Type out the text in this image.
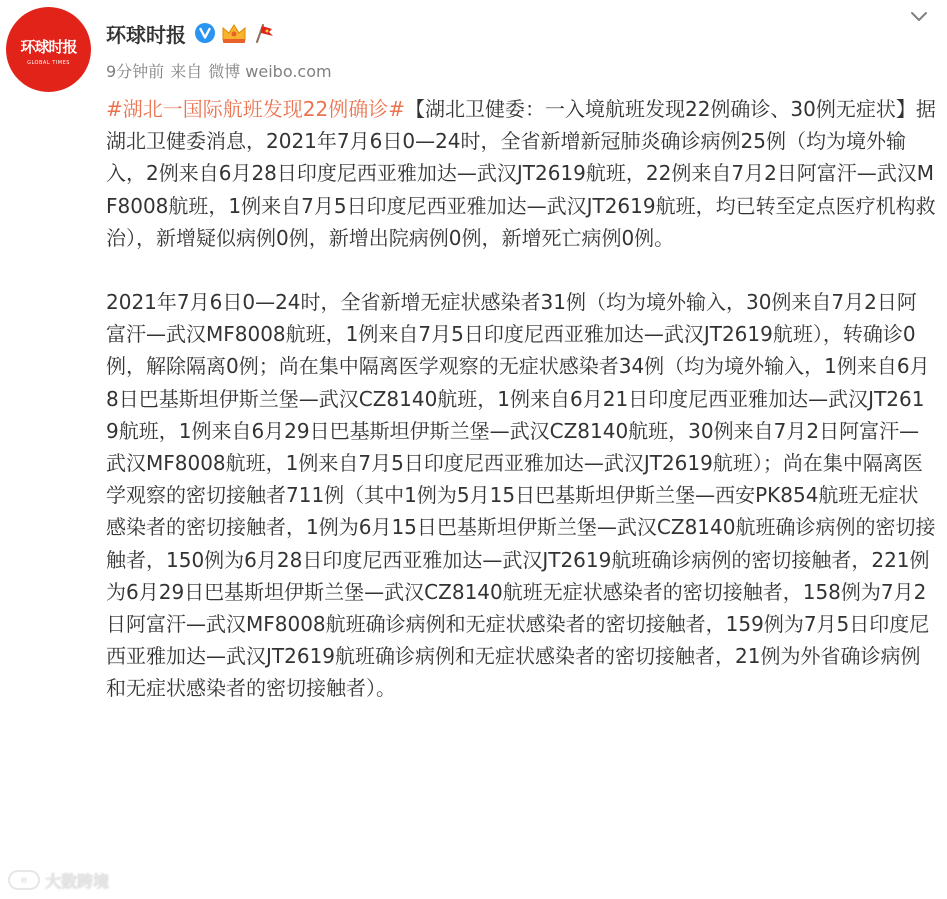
环球时报
GLOBAL TIMES
环球时报
9分钟前 来自 微博 weibo.com

#湖北一国际航班发现22例确诊#【湖北卫健委：一入境航班发现22例确诊、30例无症状】据湖北卫健委消息，2021年7月6日0—24时，全省新增新冠肺炎确诊病例25例（均为境外输入，2例来自6月28日印度尼西亚雅加达—武汉JT2619航班，22例来自7月2日阿富汗—武汉MF8008航班，1例来自7月5日印度尼西亚雅加达—武汉JT2619航班，均已转至定点医疗机构救治），新增疑似病例0例，新增出院病例0例，新增死亡病例0例。

2021年7月6日0—24时，全省新增无症状感染者31例（均为境外输入，30例来自7月2日阿富汗—武汉MF8008航班，1例来自7月5日印度尼西亚雅加达—武汉JT2619航班），转确诊0例，解除隔离0例；尚在集中隔离医学观察的无症状感染者34例（均为境外输入，1例来自6月8日巴基斯坦伊斯兰堡—武汉CZ8140航班，1例来自6月21日印度尼西亚雅加达—武汉JT2619航班，1例来自6月29日巴基斯坦伊斯兰堡—武汉CZ8140航班，30例来自7月2日阿富汗—武汉MF8008航班，1例来自7月5日印度尼西亚雅加达—武汉JT2619航班）；尚在集中隔离医学观察的密切接触者711例（其中1例为5月15日巴基斯坦伊斯兰堡—西安PK854航班无症状感染者的密切接触者，1例为6月15日巴基斯坦伊斯兰堡—武汉CZ8140航班确诊病例的密切接触者，150例为6月28日印度尼西亚雅加达—武汉JT2619航班确诊病例的密切接触者，221例为6月29日巴基斯坦伊斯兰堡—武汉CZ8140航班无症状感染者的密切接触者，158例为7月2日阿富汗—武汉MF8008航班确诊病例和无症状感染者的密切接触者，159例为7月5日印度尼西亚雅加达—武汉JT2619航班确诊病例和无症状感染者的密切接触者，21例为外省确诊病例和无症状感染者的密切接触者）。

e	大数跨境
